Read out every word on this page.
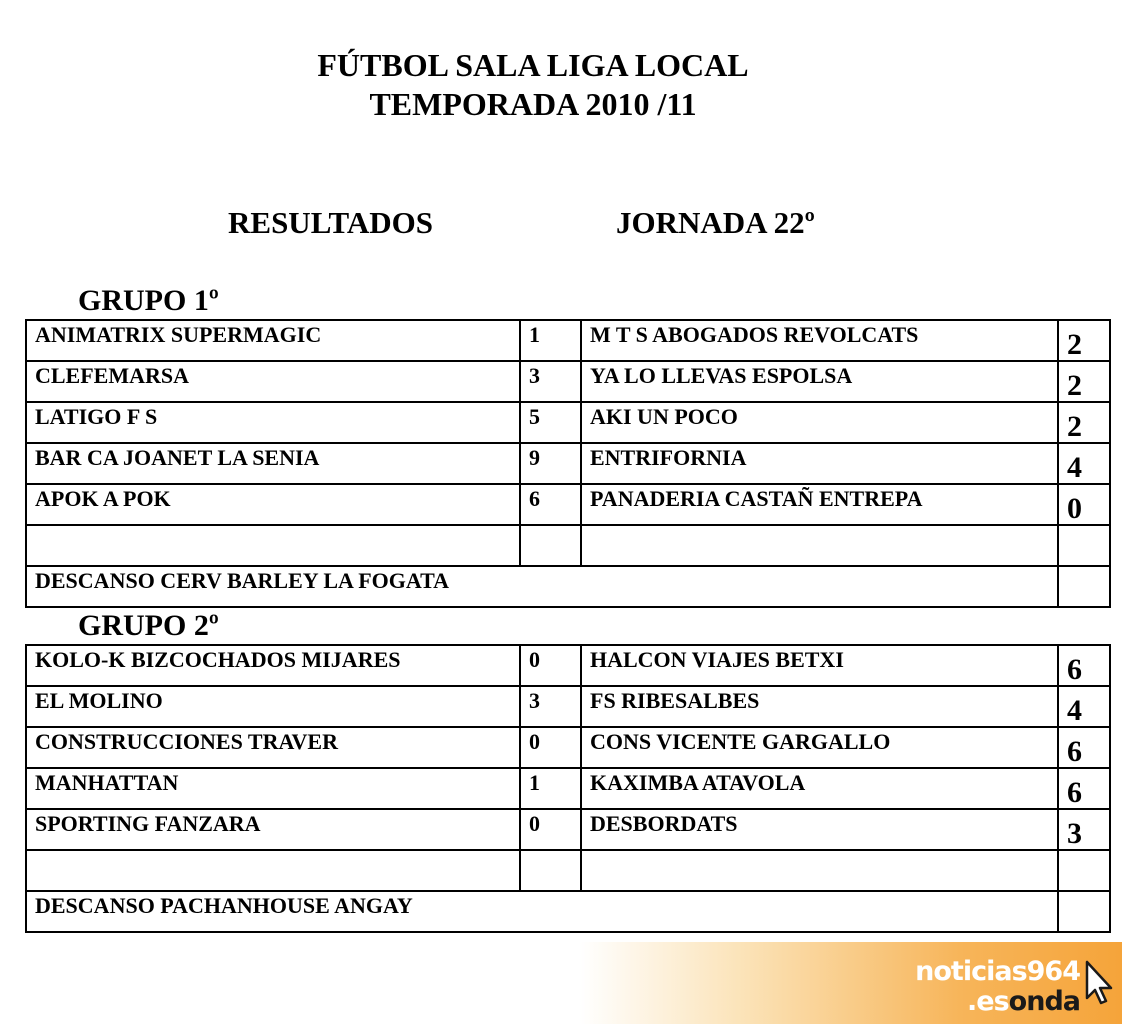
FÚTBOL SALA LIGA LOCAL
TEMPORADA 2010 /11
RESULTADOS	JORNADA 22º
GRUPO 1º
ANIMATRIX SUPERMAGIC	1	M T S ABOGADOS REVOLCATS	2
CLEFEMARSA	3	YA LO LLEVAS ESPOLSA	2
LATIGO F S	5	AKI UN POCO	2
BAR CA JOANET LA SENIA	9	ENTRIFORNIA	4
APOK A POK	6	PANADERIA CASTAÑ ENTREPA	0

DESCANSO CERV BARLEY LA FOGATA			
GRUPO 2º
KOLO-K BIZCOCHADOS MIJARES	0	HALCON VIAJES BETXI	6
EL MOLINO	3	FS RIBESALBES	4
CONSTRUCCIONES TRAVER	0	CONS VICENTE GARGALLO	6
MANHATTAN	1	KAXIMBA ATAVOLA	6
SPORTING FANZARA	0	DESBORDATS	3

DESCANSO PACHANHOUSE ANGAY			
noticias964
.esonda
